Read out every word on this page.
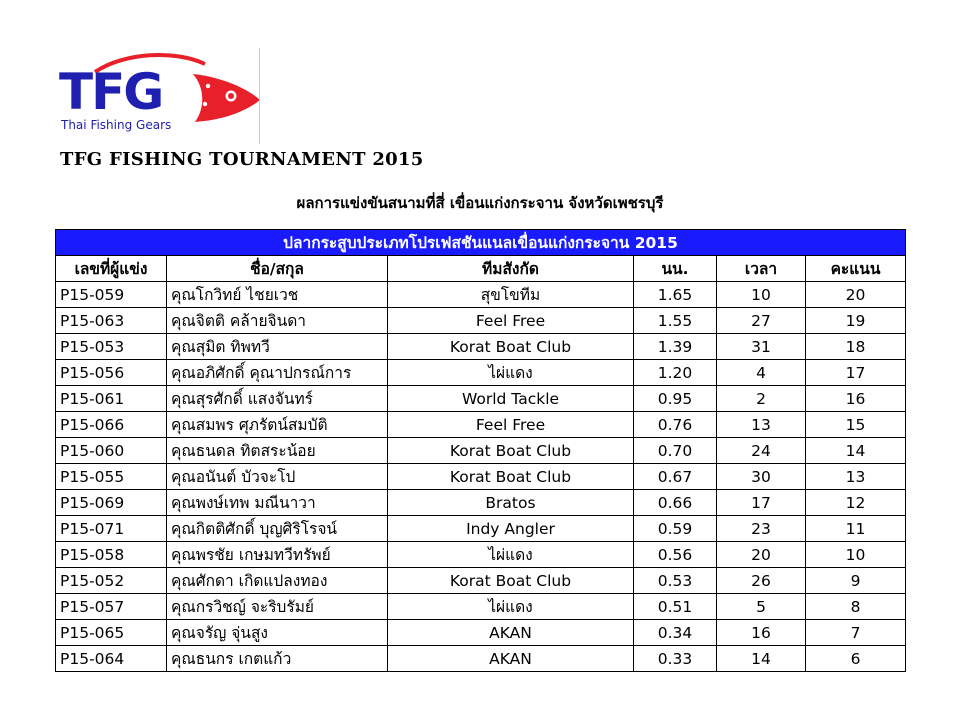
TFG
Thai Fishing Gears
TFG FISHING TOURNAMENT 2015
ผลการแข่งขันสนามที่สี่ เขื่อนแก่งกระจาน จังหวัดเพชรบุรี
ปลากระสูบประเภทโปรเฟสชันแนลเขื่อนแก่งกระจาน 2015					
เลขที่ผู้แข่ง	ชื่อ/สกุล	ทีมสังกัด	นน.	เวลา	คะแนน
P15-059	คุณโกวิทย์ ไชยเวช	สุขโขทีม	1.65	10	20
P15-063	คุณจิตติ คล้ายจินดา	Feel Free	1.55	27	19
P15-053	คุณสุมิต ทิพทวี	Korat Boat Club	1.39	31	18
P15-056	คุณอภิศักดิ์ คุณาปกรณ์การ	ไผ่แดง	1.20	4	17
P15-061	คุณสุรศักดิ์ แสงจันทร์	World Tackle	0.95	2	16
P15-066	คุณสมพร ศุภรัตน์สมบัติ	Feel Free	0.76	13	15
P15-060	คุณธนดล ทิตสระน้อย	Korat Boat Club	0.70	24	14
P15-055	คุณอนันต์ บัวจะโป	Korat Boat Club	0.67	30	13
P15-069	คุณพงษ์เทพ มณีนาวา	Bratos	0.66	17	12
P15-071	คุณกิตติศักดิ์ บุญศิริโรจน์	Indy Angler	0.59	23	11
P15-058	คุณพรชัย เกษมทวีทรัพย์	ไผ่แดง	0.56	20	10
P15-052	คุณศักดา เกิดแปลงทอง	Korat Boat Club	0.53	26	9
P15-057	คุณกรวิชญ์ จะริบรัมย์	ไผ่แดง	0.51	5	8
P15-065	คุณจรัญ จุ่นสูง	AKAN	0.34	16	7
P15-064	คุณธนกร เกตแก้ว	AKAN	0.33	14	6
